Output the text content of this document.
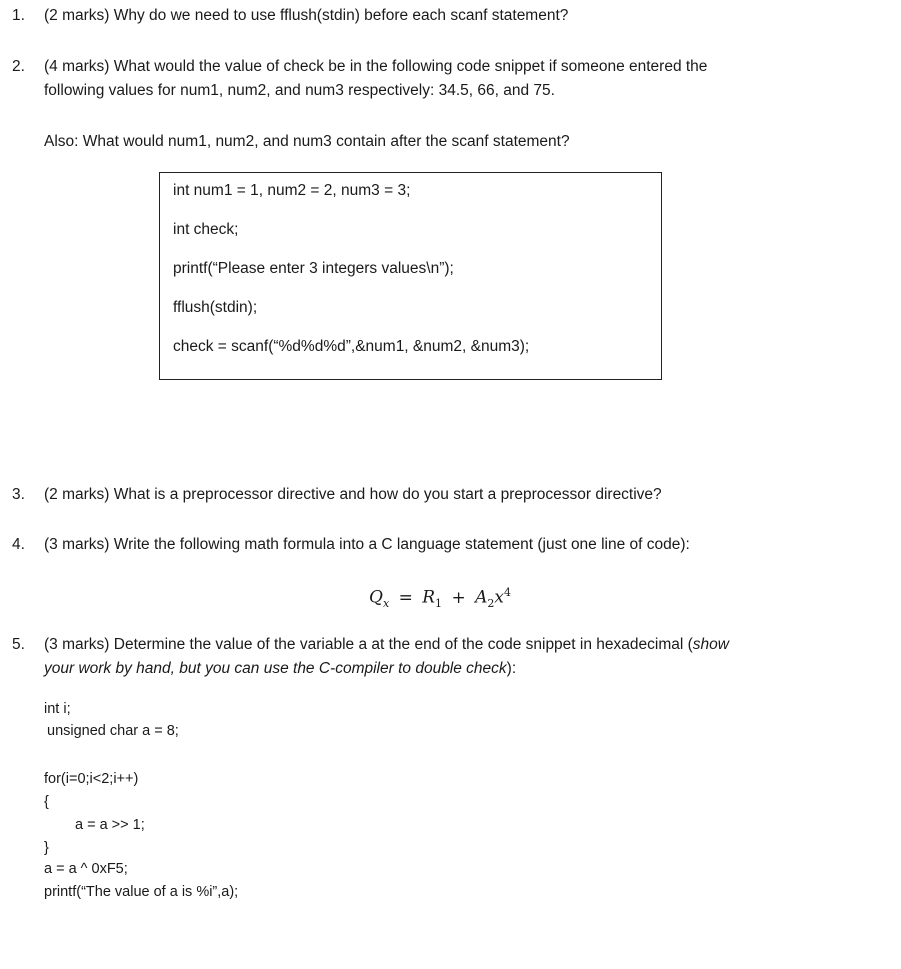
1. (2 marks) Why do we need to use fflush(stdin) before each scanf statement?
2. (4 marks) What would the value of check be in the following code snippet if someone entered the
following values for num1, num2, and num3 respectively: 34.5, 66, and 75.
Also: What would num1, num2, and num3 contain after the scanf statement?
int num1 = 1, num2 = 2, num3 = 3;
int check;
printf(“Please enter 3 integers values\n”);
fflush(stdin);
check = scanf(“%d%d%d”,&num1, &num2, &num3);
3. (2 marks) What is a preprocessor directive and how do you start a preprocessor directive?
4. (3 marks) Write the following math formula into a C language statement (just one line of code):
$Q_x = R_1 + A_2x^4$
5. (3 marks) Determine the value of the variable a at the end of the code snippet in hexadecimal (show
your work by hand, but you can use the C-compiler to double check):
int i;
unsigned char a = 8;
for(i=0;i<2;i++)
{
a = a >> 1;
}
a = a ^ 0xF5;
printf(“The value of a is %i”,a);
